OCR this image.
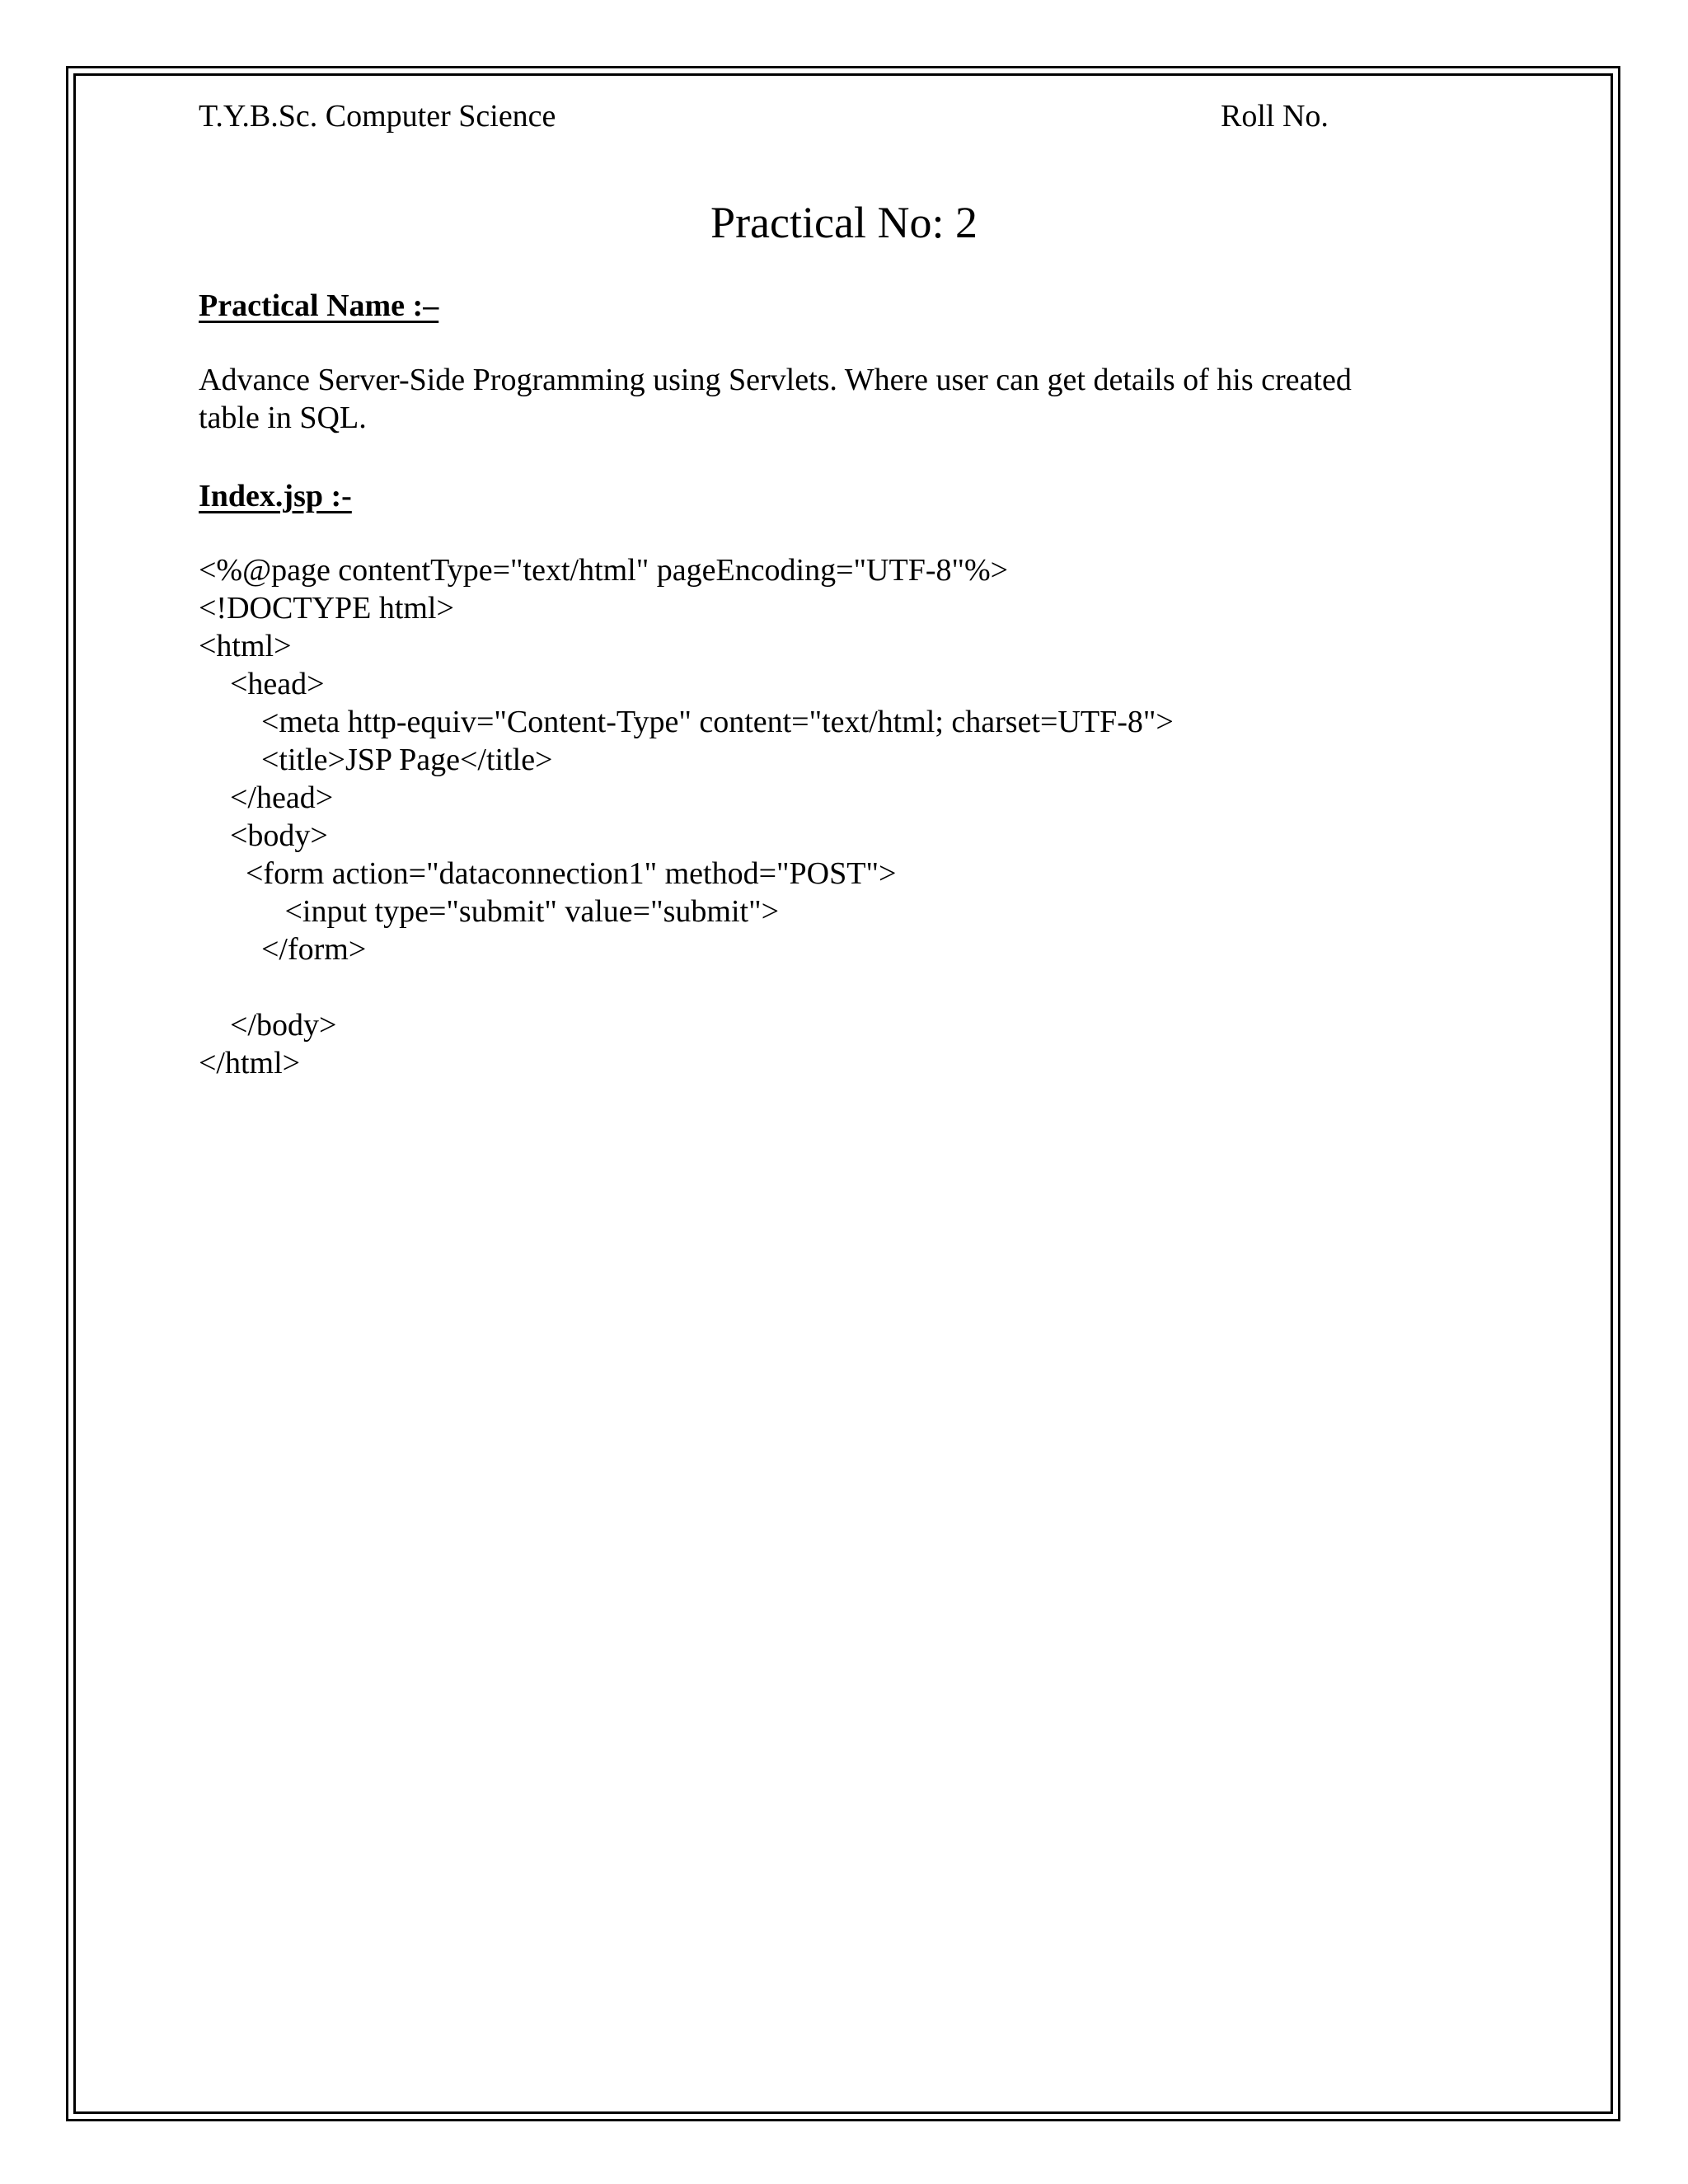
T.Y.B.Sc. Computer Science	Roll No.
Practical No: 2
Practical Name :–
Advance Server-Side Programming using Servlets. Where user can get details of his created
table in SQL.
Index.jsp :-
<%@page contentType="text/html" pageEncoding="UTF-8"%>
<!DOCTYPE html>
<html>
<head>
<meta http-equiv="Content-Type" content="text/html; charset=UTF-8">
<title>JSP Page</title>
</head>
<body>
<form action="dataconnection1" method="POST">
<input type="submit" value="submit">
</form>
</body>
</html>
